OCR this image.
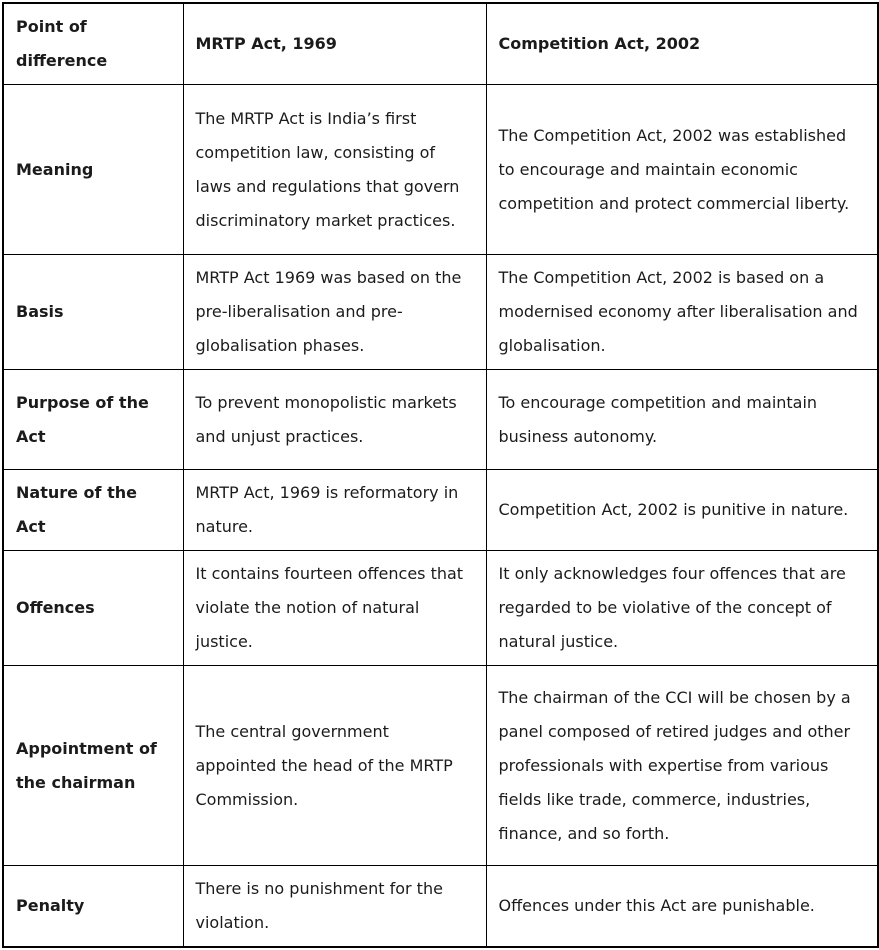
Point of difference	MRTP Act, 1969	Competition Act, 2002
Meaning	The MRTP Act is India’s first competition law, consisting of laws and regulations that govern discriminatory market practices.	The Competition Act, 2002 was established to encourage and maintain economic competition and protect commercial liberty.
Basis	MRTP Act 1969 was based on the pre-liberalisation and pre-globalisation phases.	The Competition Act, 2002 is based on a modernised economy after liberalisation and globalisation.
Purpose of the Act	To prevent monopolistic markets and unjust practices.	To encourage competition and maintain business autonomy.
Nature of the Act	MRTP Act, 1969 is reformatory in nature.	Competition Act, 2002 is punitive in nature.
Offences	It contains fourteen offences that violate the notion of natural justice.	It only acknowledges four offences that are regarded to be violative of the concept of natural justice.
Appointment of the chairman	The central government appointed the head of the MRTP Commission.	The chairman of the CCI will be chosen by a panel composed of retired judges and other professionals with expertise from various fields like trade, commerce, industries, finance, and so forth.
Penalty	There is no punishment for the violation.	Offences under this Act are punishable.
